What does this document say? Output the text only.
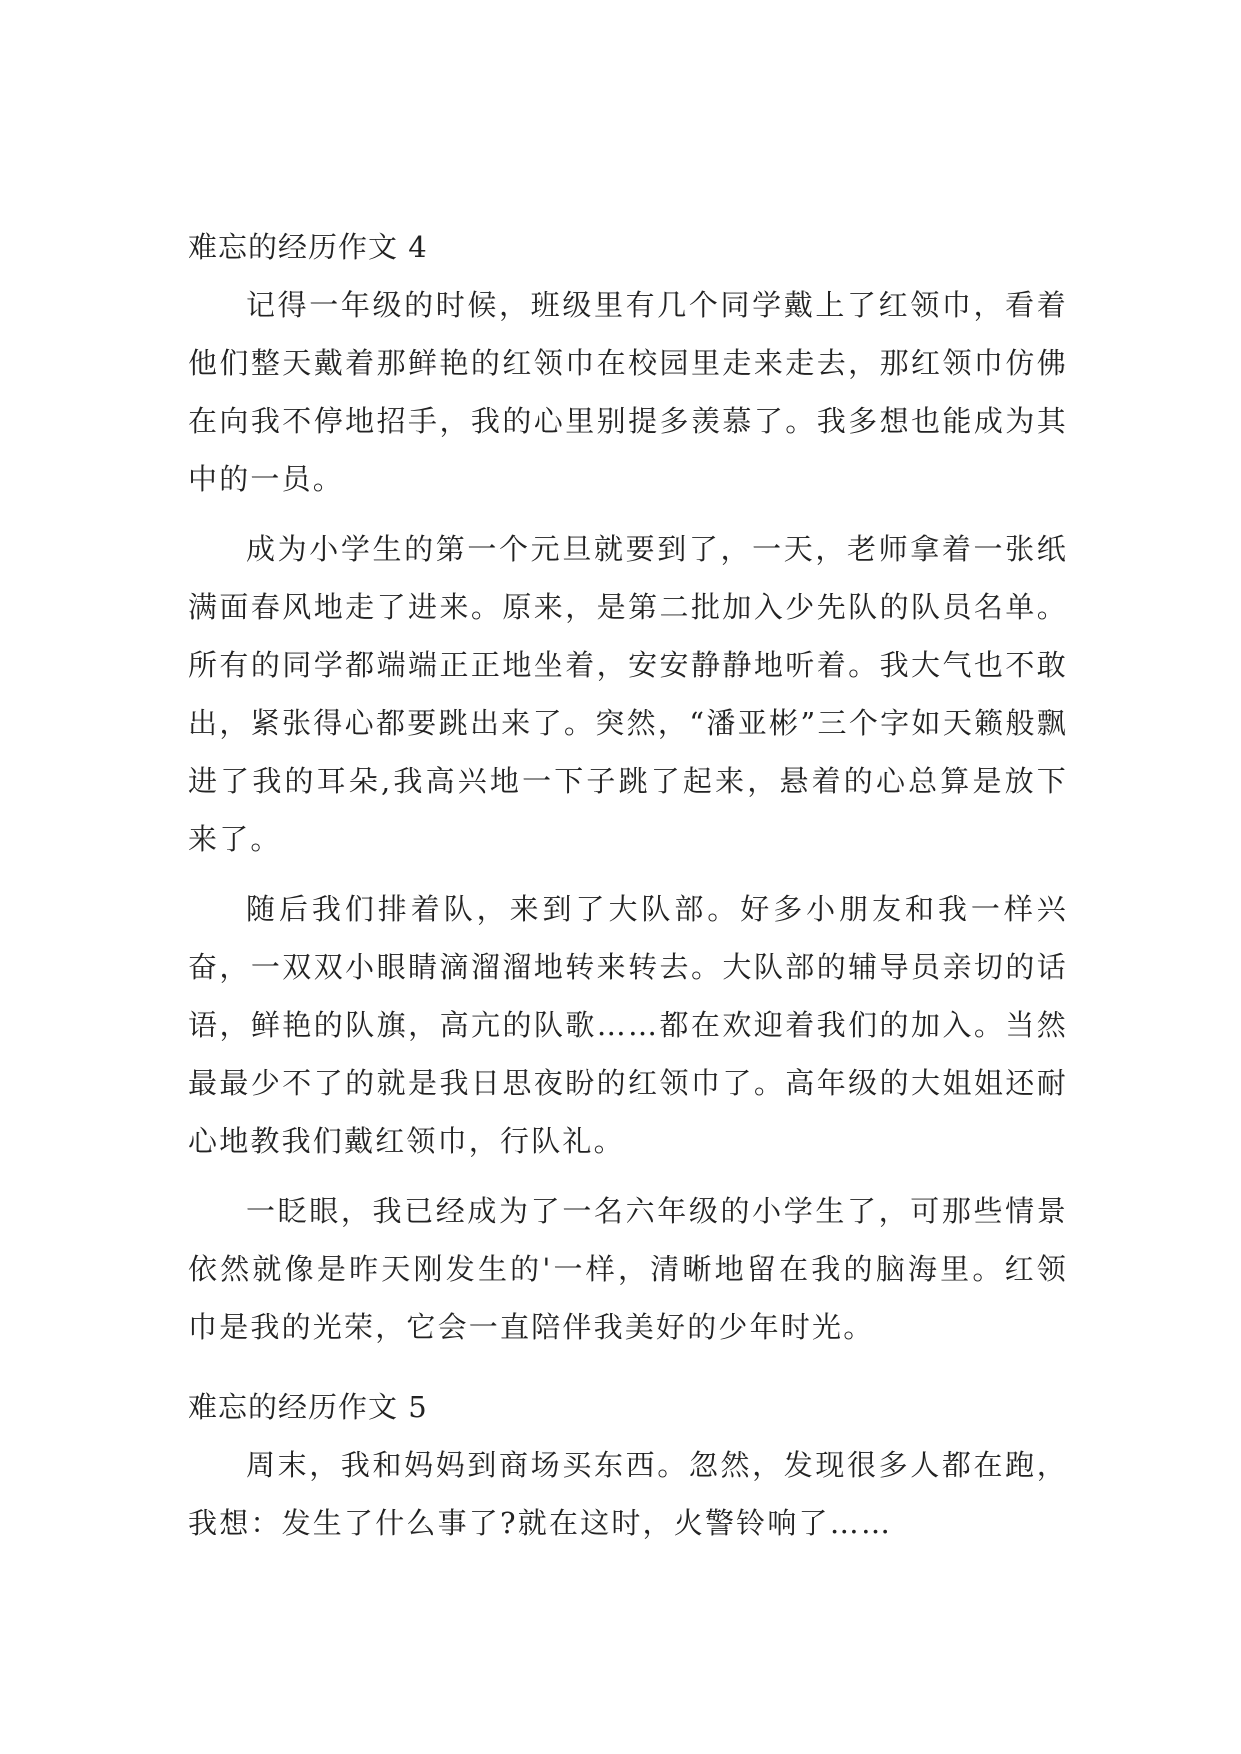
难忘的经历作文 4

记得一年级的时候，班级里有几个同学戴上了红领巾，看着他们整天戴着那鲜艳的红领巾在校园里走来走去，那红领巾仿佛在向我不停地招手，我的心里别提多羡慕了。我多想也能成为其中的一员。

成为小学生的第一个元旦就要到了，一天，老师拿着一张纸满面春风地走了进来。原来，是第二批加入少先队的队员名单。所有的同学都端端正正地坐着，安安静静地听着。我大气也不敢出，紧张得心都要跳出来了。突然，“潘亚彬”三个字如天籁般飘进了我的耳朵,我高兴地一下子跳了起来，悬着的心总算是放下来了。

随后我们排着队，来到了大队部。好多小朋友和我一样兴奋，一双双小眼睛滴溜溜地转来转去。大队部的辅导员亲切的话语，鲜艳的队旗，高亢的队歌……都在欢迎着我们的加入。当然最最少不了的就是我日思夜盼的红领巾了。高年级的大姐姐还耐心地教我们戴红领巾，行队礼。

一眨眼，我已经成为了一名六年级的小学生了，可那些情景依然就像是昨天刚发生的'一样，清晰地留在我的脑海里。红领巾是我的光荣，它会一直陪伴我美好的少年时光。

难忘的经历作文 5

周末，我和妈妈到商场买东西。忽然，发现很多人都在跑，我想：发生了什么事了?就在这时，火警铃响了……
